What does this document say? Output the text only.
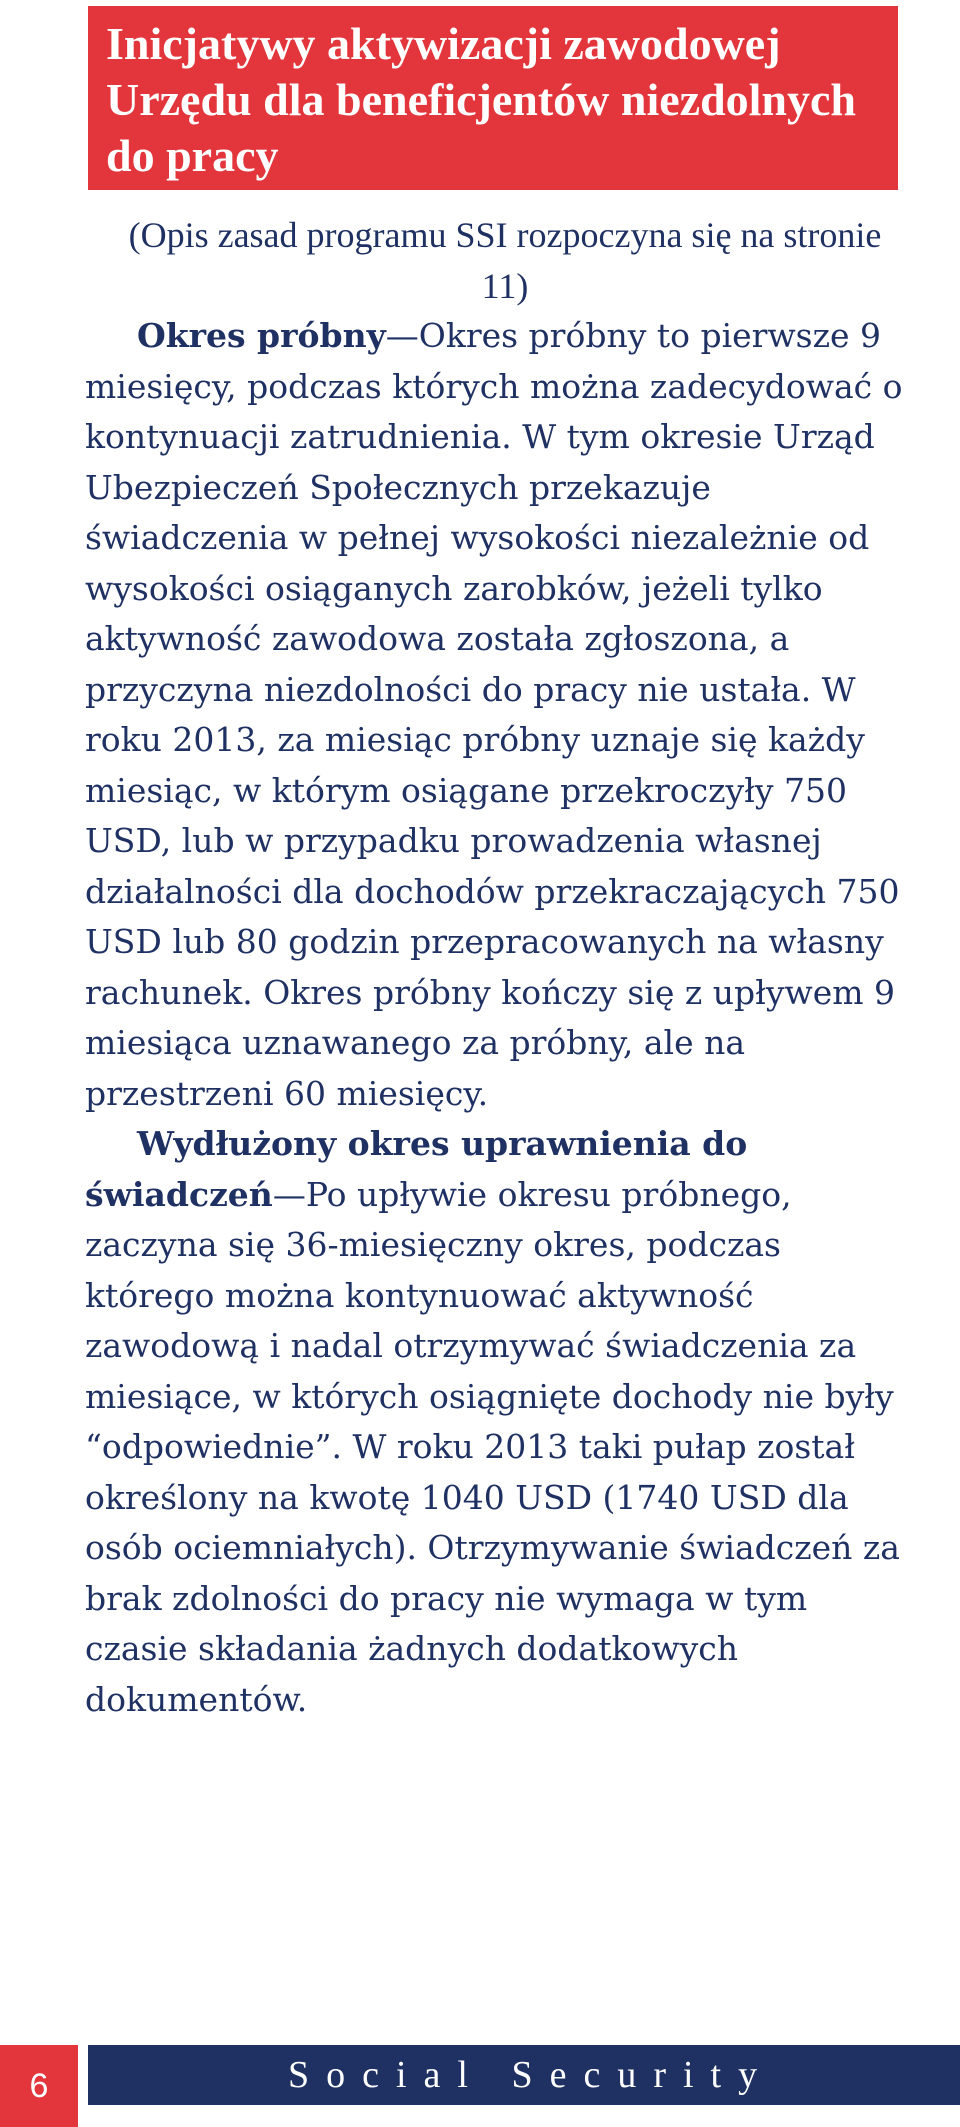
Inicjatywy aktywizacji zawodowej Urzędu dla beneficjentów niezdolnych do pracy

(Opis zasad programu SSI rozpoczyna się na stronie 11)

Okres próbny—Okres próbny to pierwsze 9 miesięcy, podczas których można zadecydować o kontynuacji zatrudnienia. W tym okresie Urząd Ubezpieczeń Społecznych przekazuje świadczenia w pełnej wysokości niezależnie od wysokości osiąganych zarobków, jeżeli tylko aktywność zawodowa została zgłoszona, a przyczyna niezdolności do pracy nie ustała. W roku 2013, za miesiąc próbny uznaje się każdy miesiąc, w którym osiągane przekroczyły 750 USD, lub w przypadku prowadzenia własnej działalności dla dochodów przekraczających 750 USD lub 80 godzin przepracowanych na własny rachunek. Okres próbny kończy się z upływem 9 miesiąca uznawanego za próbny, ale na przestrzeni 60 miesięcy.

Wydłużony okres uprawnienia do świadczeń—Po upływie okresu próbnego, zaczyna się 36-miesięczny okres, podczas którego można kontynuować aktywność zawodową i nadal otrzymywać świadczenia za miesiące, w których osiągnięte dochody nie były “odpowiednie”. W roku 2013 taki pułap został określony na kwotę 1040 USD (1740 USD dla osób ociemniałych). Otrzymywanie świadczeń za brak zdolności do pracy nie wymaga w tym czasie składania żadnych dodatkowych dokumentów.

6	Social Security
